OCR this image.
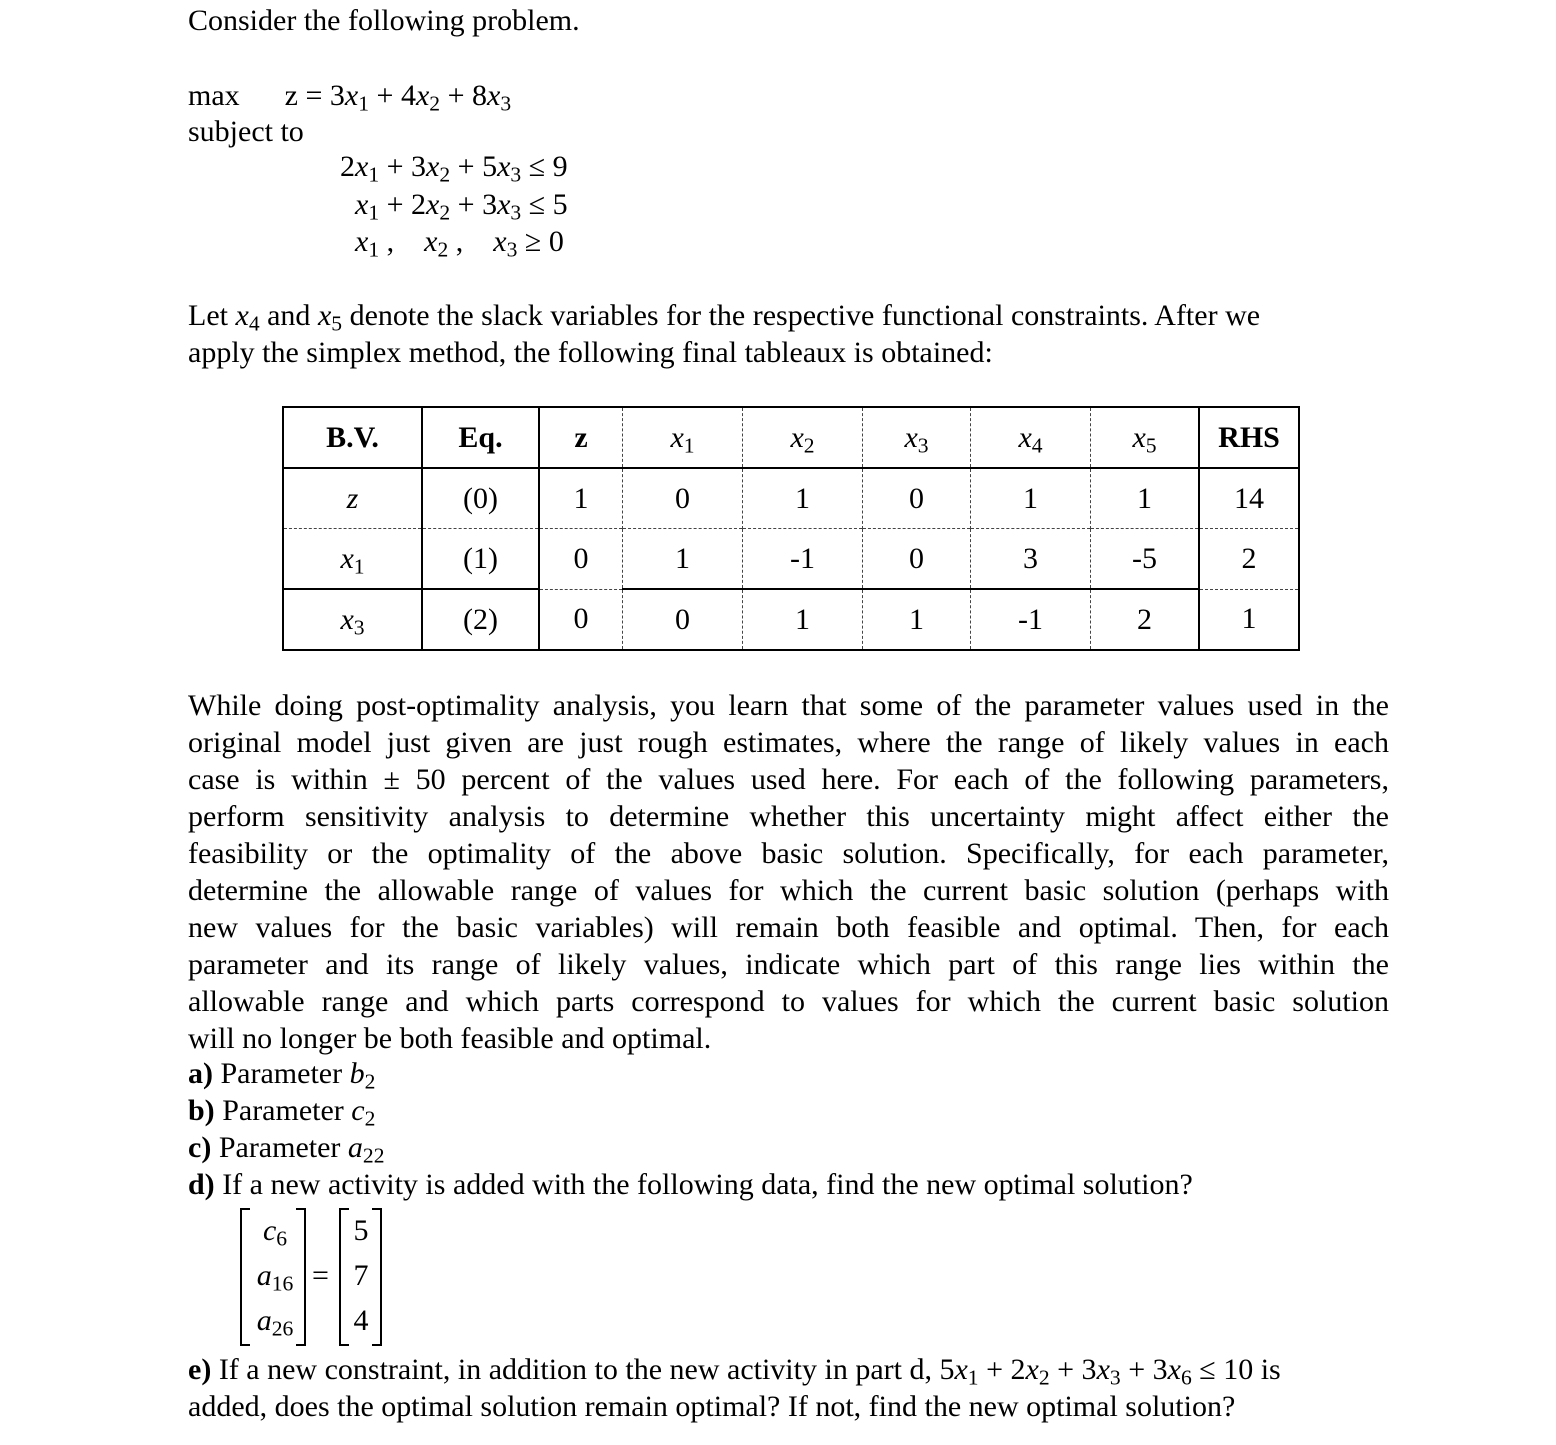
Consider the following problem.
$\max z = 3x_1 + 4x_2 + 8x_3$
subject to
$2x_1 + 3x_2 + 5x_3 \le 9$
$x_1 + 2x_2 + 3x_3 \le 5$
$x_1$ ,    $x_2$ ,    $x_3 \ge 0$
Let $x_4$ and $x_5$ denote the slack variables for the respective functional constraints. After we
apply the simplex method, the following final tableaux is obtained:
B.V.	Eq.	z	$x_1$	$x_2$	$x_3$	$x_4$	$x_5$	RHS
z	(0)	1	0	1	0	1	1	14
$x_1$	(1)	0	1	-1	0	3	-5	2
$x_3$	(2)	0	0	1	1	-1	2	1
While doing post-optimality analysis, you learn that some of the parameter values used in the
original model just given are just rough estimates, where the range of likely values in each
case is within ± 50 percent of the values used here. For each of the following parameters,
perform sensitivity analysis to determine whether this uncertainty might affect either the
feasibility or the optimality of the above basic solution. Specifically, for each parameter,
determine the allowable range of values for which the current basic solution (perhaps with
new values for the basic variables) will remain both feasible and optimal. Then, for each
parameter and its range of likely values, indicate which part of this range lies within the
allowable range and which parts correspond to values for which the current basic solution
will no longer be both feasible and optimal.
a) Parameter $b_2$
b) Parameter $c_2$
c) Parameter $a_{22}$
d) If a new activity is added with the following data, find the new optimal solution?
$c_6$
$a_{16}$
$a_{26}$
=
5
7
4
e) If a new constraint, in addition to the new activity in part d, $5x_1 + 2x_2 + 3x_3 + 3x_6 \le 10$ is
added, does the optimal solution remain optimal? If not, find the new optimal solution?
